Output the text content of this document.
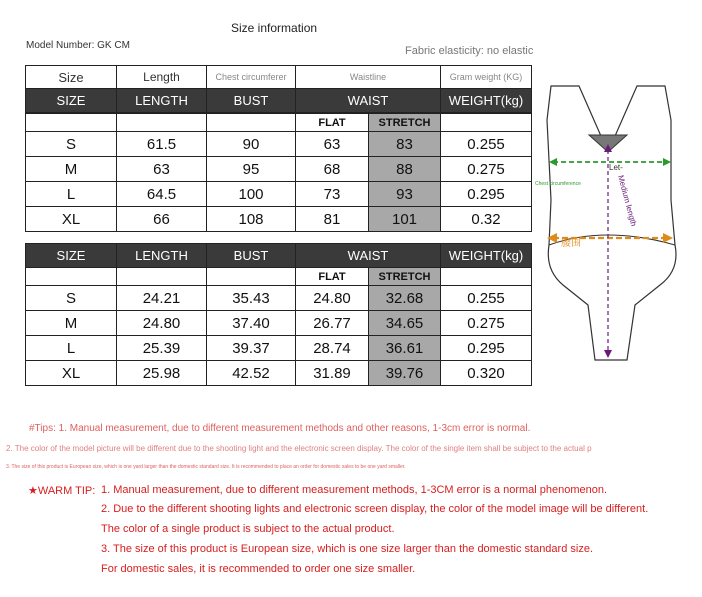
Size information
Model Number: GK CM	Fabric elasticity: no elastic
Size	Length	Chest circumferer	Waistline	Gram weight (KG)
SIZE	LENGTH	BUST	WAIST	WEIGHT(kg)
			FLAT	STRETCH	
S	61.5	90	63	83	0.255
M	63	95	68	88	0.275
L	64.5	100	73	93	0.295
XL	66	108	81	101	0.32
SIZE	LENGTH	BUST	WAIST		WEIGHT(kg)
			FLAT	STRETCH	
S	24.21	35.43	24.80	32.68	0.255
M	24.80	37.40	26.77	34.65	0.275
L	25.39	39.37	28.74	36.61	0.295
XL	25.98	42.52	31.89	39.76	0.320
Chest circumference
Let-
Medium length
腰围
#Tips: 1. Manual measurement, due to different measurement methods and other reasons, 1-3cm error is normal.
2. The color of the model picture will be different due to the shooting light and the electronic screen display. The color of the single item shall be subject to the actual p
3. The size of this product is European size, which is one yard larger than the domestic standard size. It is recommended to place an order for domestic sales to be one yard smaller.
★WARM TIP: 1. Manual measurement, due to different measurement methods, 1-3CM error is a normal phenomenon.
2. Due to the different shooting lights and electronic screen display, the color of the model image will be different.
The color of a single product is subject to the actual product.
3. The size of this product is European size, which is one size larger than the domestic standard size.
For domestic sales, it is recommended to order one size smaller.
